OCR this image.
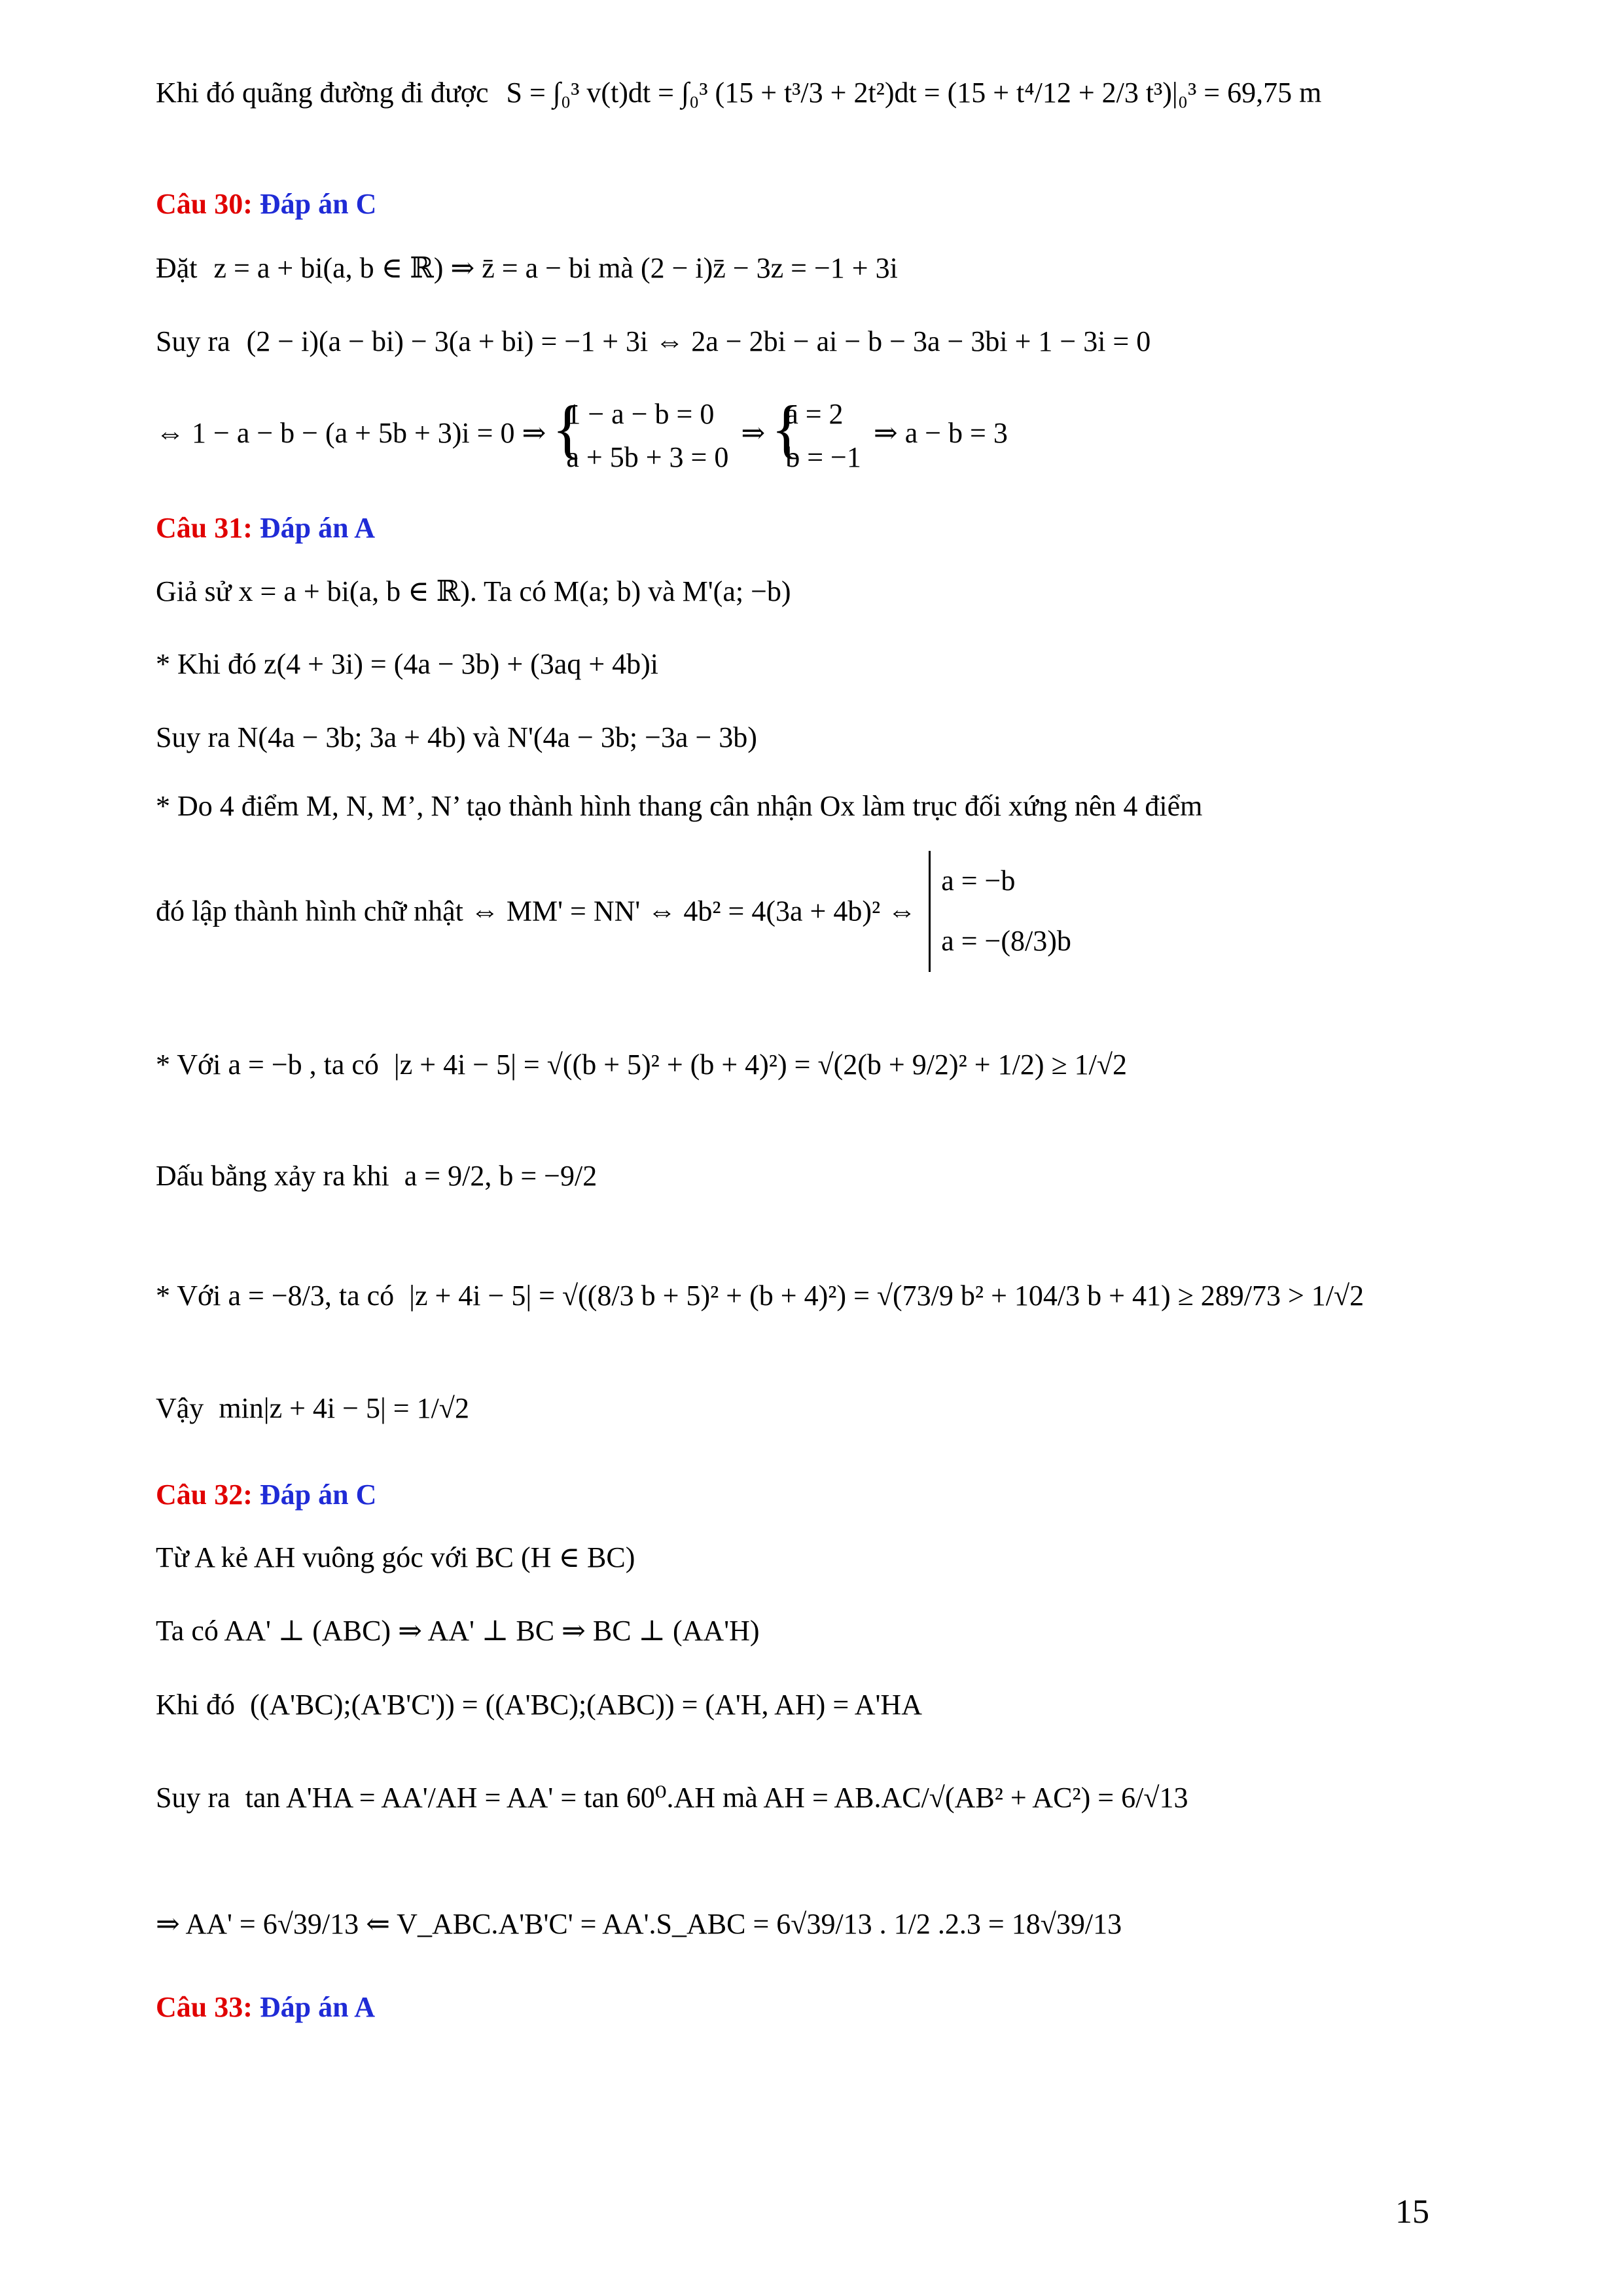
Khi đó quãng đường đi được S = ∫₀³ v(t)dt = ∫₀³ (15 + t³/3 + 2t²)dt = (15 + t⁴/12 + 2/3 t³)|₀³ = 69,75 m
Câu 30: Đáp án C
Đặt z = a + bi(a, b ∈ ℝ) ⇒ z̄ = a − bi mà (2 − i)z̄ − 3z = −1 + 3i
Suy ra (2 − i)(a − bi) − 3(a + bi) = −1 + 3i ⇔ 2a − 2bi − ai − b − 3a − 3bi + 1 − 3i = 0
⇔ 1 − a − b − (a + 5b + 3)i = 0 ⇒ {
1 − a − b = 0
a + 5b + 3 = 0
⇒ {
a = 2
b = −1
⇒ a − b = 3
Câu 31: Đáp án A
Giả sử x = a + bi(a, b ∈ ℝ). Ta có M(a; b) và M'(a; −b)
* Khi đó z(4 + 3i) = (4a − 3b) + (3aq + 4b)i
Suy ra N(4a − 3b; 3a + 4b) và N'(4a − 3b; −3a − 3b)
* Do 4 điểm M, N, M’, N’ tạo thành hình thang cân nhận Ox làm trục đối xứng nên 4 điểm
đó lập thành hình chữ nhật ⇔ MM' = NN' ⇔ 4b² = 4(3a + 4b)² ⇔
a = −b
a = −(8/3)b
* Với a = −b , ta có |z + 4i − 5| = √((b + 5)² + (b + 4)²) = √(2(b + 9/2)² + 1/2) ≥ 1/√2
Dấu bằng xảy ra khi a = 9/2, b = −9/2
* Với a = −8/3, ta có |z + 4i − 5| = √((8/3 b + 5)² + (b + 4)²) = √(73/9 b² + 104/3 b + 41) ≥ 289/73 > 1/√2
Vậy min|z + 4i − 5| = 1/√2
Câu 32: Đáp án C
Từ A kẻ AH vuông góc với BC (H ∈ BC)
Ta có AA' ⊥ (ABC) ⇒ AA' ⊥ BC ⇒ BC ⊥ (AA'H)
Khi đó ((A'BC);(A'B'C')) = ((A'BC);(ABC)) = (A'H, AH) = A'HA
Suy ra tan A'HA = AA'/AH = AA' = tan 60⁰.AH mà AH = AB.AC/√(AB² + AC²) = 6/√13
⇒ AA' = 6√39/13 ⇐ V_ABC.A'B'C' = AA'.S_ABC = 6√39/13 . 1/2 .2.3 = 18√39/13
Câu 33: Đáp án A
15
